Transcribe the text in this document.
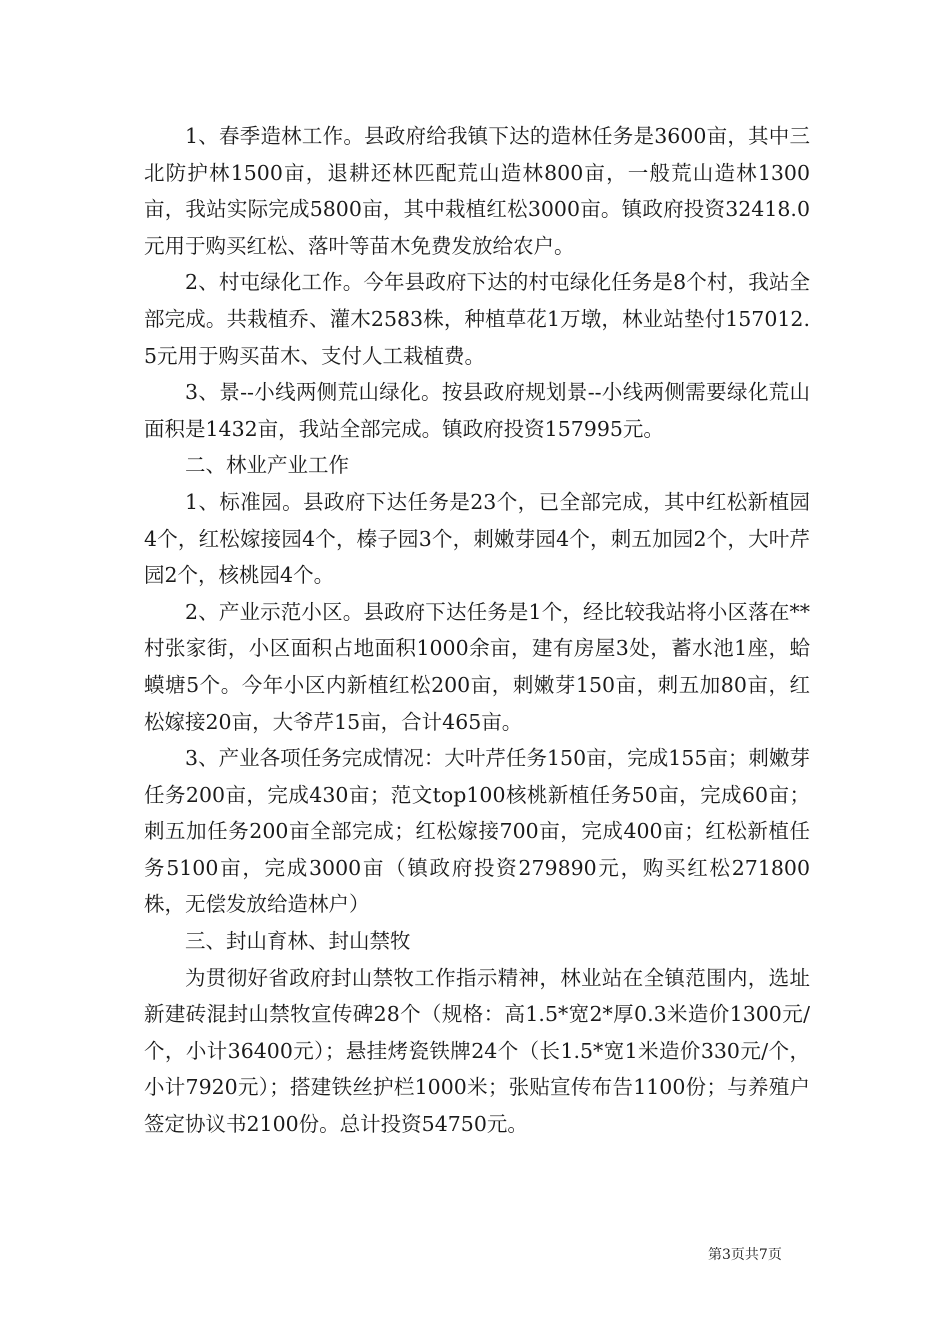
1、春季造林工作。县政府给我镇下达的造林任务是3600亩，其中三北防护林1500亩，退耕还林匹配荒山造林800亩，一般荒山造林1300亩，我站实际完成5800亩，其中栽植红松3000亩。镇政府投资32418.0元用于购买红松、落叶等苗木免费发放给农户。

2、村屯绿化工作。今年县政府下达的村屯绿化任务是8个村，我站全部完成。共栽植乔、灌木2583株，种植草花1万墩，林业站垫付157012.5元用于购买苗木、支付人工栽植费。

3、景--小线两侧荒山绿化。按县政府规划景--小线两侧需要绿化荒山面积是1432亩，我站全部完成。镇政府投资157995元。

二、林业产业工作

1、标准园。县政府下达任务是23个，已全部完成，其中红松新植园4个，红松嫁接园4个，榛子园3个，刺嫩芽园4个，刺五加园2个，大叶芹园2个，核桃园4个。

2、产业示范小区。县政府下达任务是1个，经比较我站将小区落在**村张家街，小区面积占地面积1000余亩，建有房屋3处，蓄水池1座，蛤蟆塘5个。今年小区内新植红松200亩，刺嫩芽150亩，刺五加80亩，红松嫁接20亩，大爷芹15亩，合计465亩。

3、产业各项任务完成情况：大叶芹任务150亩，完成155亩；刺嫩芽任务200亩，完成430亩；范文top100核桃新植任务50亩，完成60亩；刺五加任务200亩全部完成；红松嫁接700亩，完成400亩；红松新植任务5100亩，完成3000亩（镇政府投资279890元，购买红松271800株，无偿发放给造林户）

三、封山育林、封山禁牧

为贯彻好省政府封山禁牧工作指示精神，林业站在全镇范围内，选址新建砖混封山禁牧宣传碑28个（规格：高1.5*宽2*厚0.3米造价1300元/个，小计36400元）；悬挂烤瓷铁牌24个（长1.5*宽1米造价330元/个，小计7920元）；搭建铁丝护栏1000米；张贴宣传布告1100份；与养殖户签定协议书2100份。总计投资54750元。

第3页共7页
